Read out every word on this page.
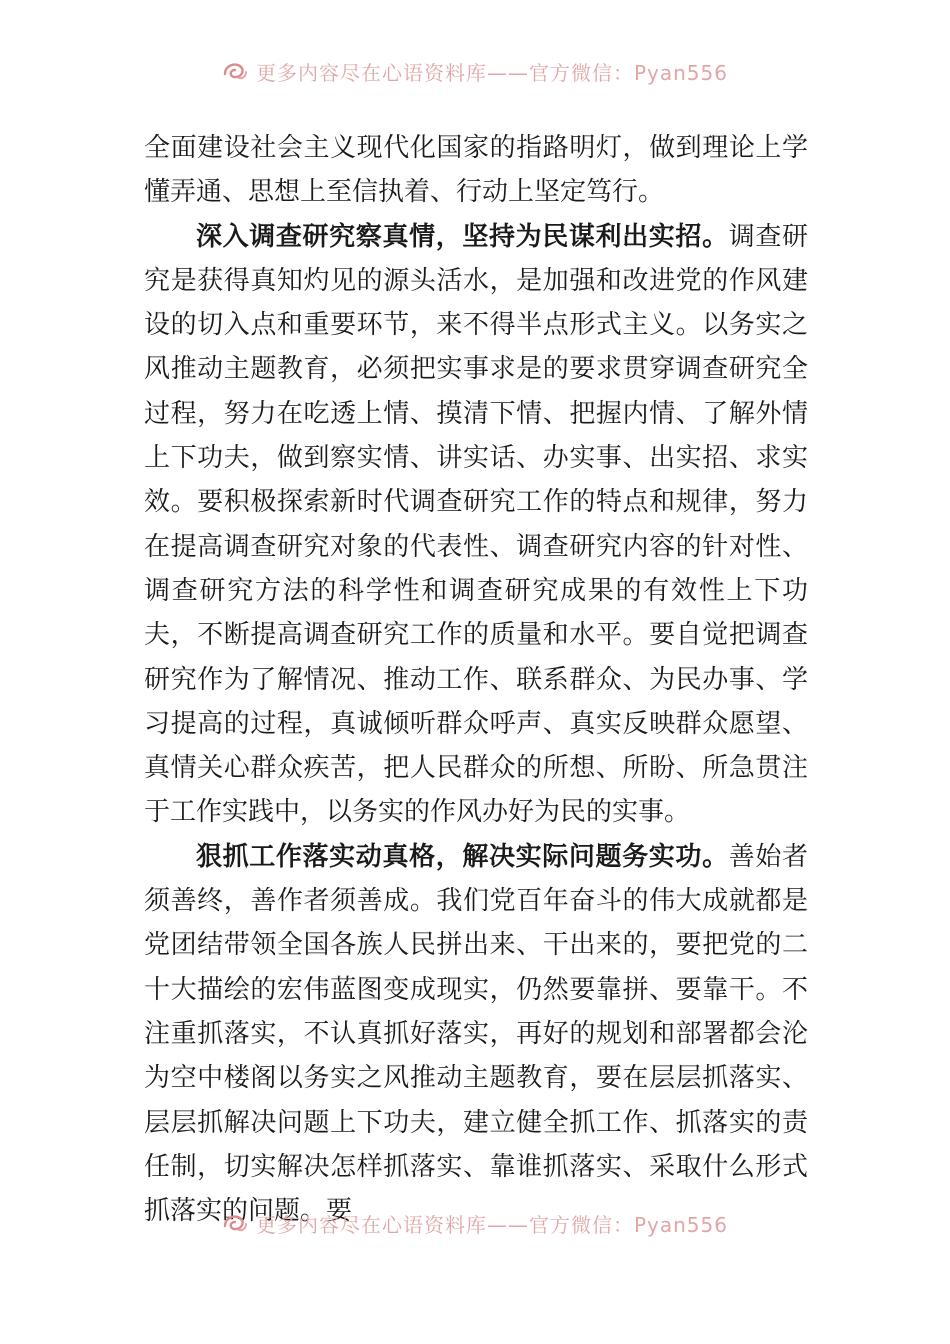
更多内容尽在心语资料库——官方微信：Pyan556

全面建设社会主义现代化国家的指路明灯，做到理论上学懂弄通、思想上至信执着、行动上坚定笃行。

深入调查研究察真情，坚持为民谋利出实招。调查研究是获得真知灼见的源头活水，是加强和改进党的作风建设的切入点和重要环节，来不得半点形式主义。以务实之风推动主题教育，必须把实事求是的要求贯穿调查研究全过程，努力在吃透上情、摸清下情、把握内情、了解外情上下功夫，做到察实情、讲实话、办实事、出实招、求实效。要积极探索新时代调查研究工作的特点和规律，努力在提高调查研究对象的代表性、调查研究内容的针对性、调查研究方法的科学性和调查研究成果的有效性上下功夫，不断提高调查研究工作的质量和水平。要自觉把调查研究作为了解情况、推动工作、联系群众、为民办事、学习提高的过程，真诚倾听群众呼声、真实反映群众愿望、真情关心群众疾苦，把人民群众的所想、所盼、所急贯注于工作实践中，以务实的作风办好为民的实事。

狠抓工作落实动真格，解决实际问题务实功。善始者须善终，善作者须善成。我们党百年奋斗的伟大成就都是党团结带领全国各族人民拼出来、干出来的，要把党的二十大描绘的宏伟蓝图变成现实，仍然要靠拼、要靠干。不注重抓落实，不认真抓好落实，再好的规划和部署都会沦为空中楼阁以务实之风推动主题教育，要在层层抓落实、层层抓解决问题上下功夫，建立健全抓工作、抓落实的责任制，切实解决怎样抓落实、靠谁抓落实、采取什么形式抓落实的问题。要

更多内容尽在心语资料库——官方微信：Pyan556
